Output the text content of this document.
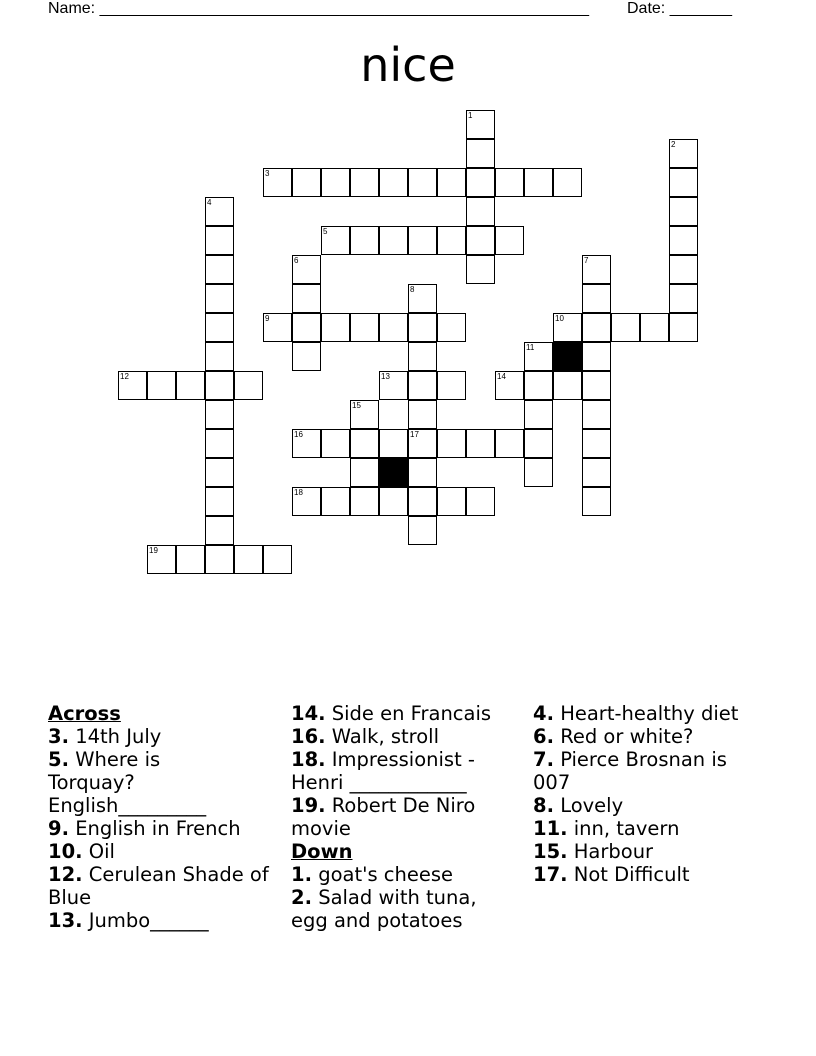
Name: _______________________________________________________ Date: _______
nice
3
5
9	10
12	13	14
16	17
18
19
1
2
4
6	7
8
11
15
Across
3. 14th July
5. Where is Torquay? English_________
9. English in French
10. Oil
12. Cerulean Shade of Blue
13. Jumbo______
14. Side en Francais
16. Walk, stroll
18. Impressionist - Henri ____________
19. Robert De Niro movie
Down
1. goat's cheese
2. Salad with tuna, egg and potatoes
4. Heart-healthy diet
6. Red or white?
7. Pierce Brosnan is 007
8. Lovely
11. inn, tavern
15. Harbour
17. Not Difficult
